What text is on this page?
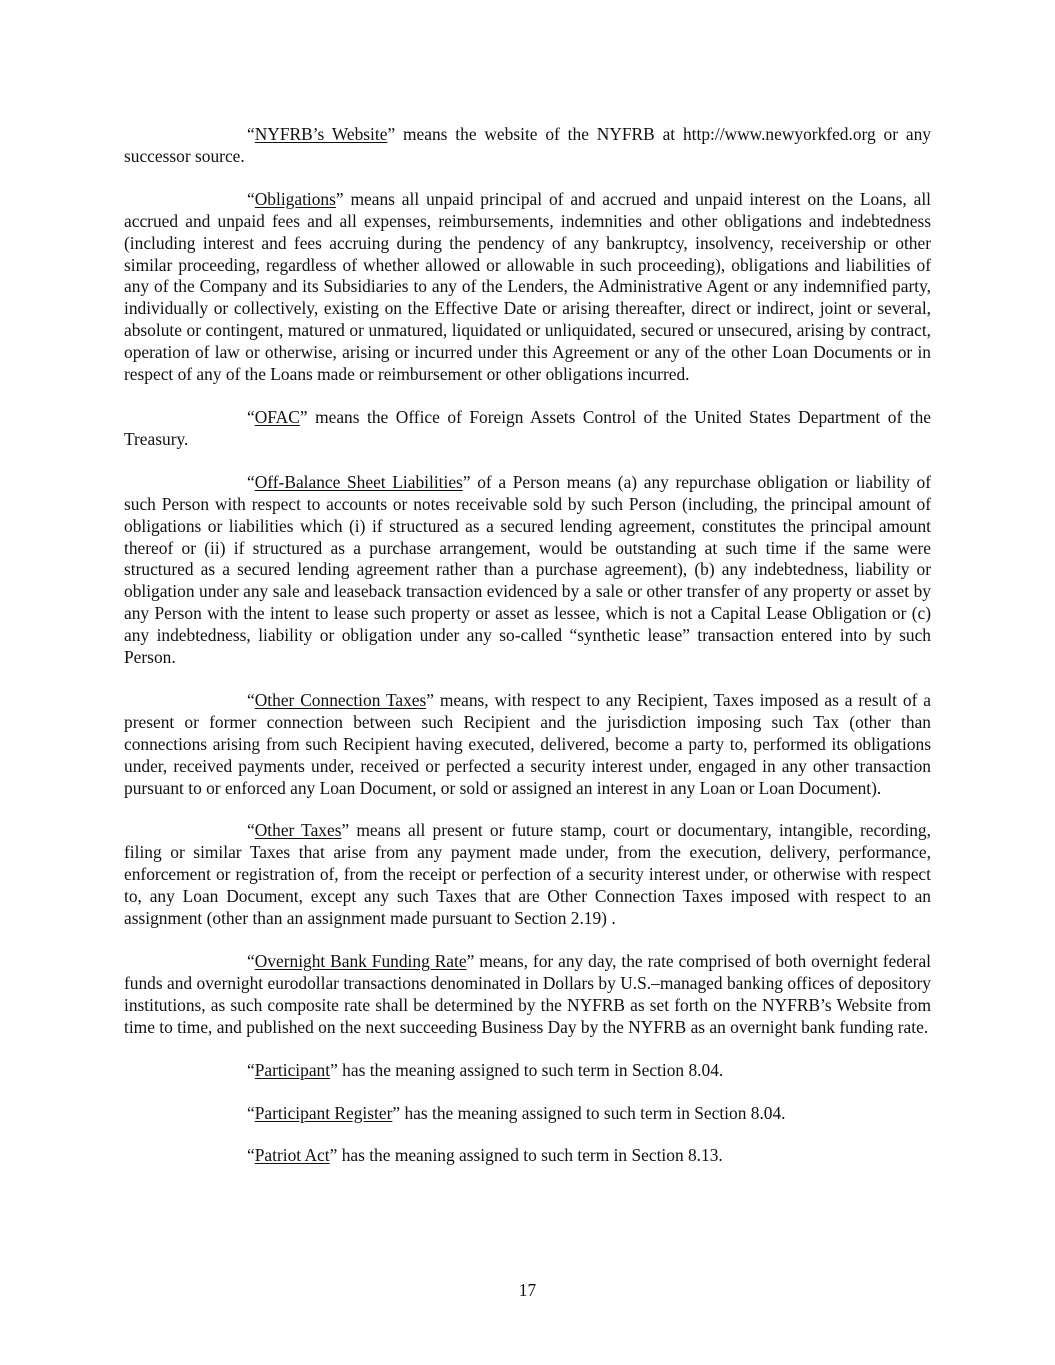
“NYFRB’s Website” means the website of the NYFRB at http://www.newyorkfed.org or any successor source.

“Obligations” means all unpaid principal of and accrued and unpaid interest on the Loans, all accrued and unpaid fees and all expenses, reimbursements, indemnities and other obligations and indebtedness (including interest and fees accruing during the pendency of any bankruptcy, insolvency, receivership or other similar proceeding, regardless of whether allowed or allowable in such proceeding), obligations and liabilities of any of the Company and its Subsidiaries to any of the Lenders, the Administrative Agent or any indemnified party, individually or collectively, existing on the Effective Date or arising thereafter, direct or indirect, joint or several, absolute or contingent, matured or unmatured, liquidated or unliquidated, secured or unsecured, arising by contract, operation of law or otherwise, arising or incurred under this Agreement or any of the other Loan Documents or in respect of any of the Loans made or reimbursement or other obligations incurred.

“OFAC” means the Office of Foreign Assets Control of the United States Department of the Treasury.

“Off-Balance Sheet Liabilities” of a Person means (a) any repurchase obligation or liability of such Person with respect to accounts or notes receivable sold by such Person (including, the principal amount of obligations or liabilities which (i) if structured as a secured lending agreement, constitutes the principal amount thereof or (ii) if structured as a purchase arrangement, would be outstanding at such time if the same were structured as a secured lending agreement rather than a purchase agreement), (b) any indebtedness, liability or obligation under any sale and leaseback transaction evidenced by a sale or other transfer of any property or asset by any Person with the intent to lease such property or asset as lessee, which is not a Capital Lease Obligation or (c) any indebtedness, liability or obligation under any so-called “synthetic lease” transaction entered into by such Person.

“Other Connection Taxes” means, with respect to any Recipient, Taxes imposed as a result of a present or former connection between such Recipient and the jurisdiction imposing such Tax (other than connections arising from such Recipient having executed, delivered, become a party to, performed its obligations under, received payments under, received or perfected a security interest under, engaged in any other transaction pursuant to or enforced any Loan Document, or sold or assigned an interest in any Loan or Loan Document).

“Other Taxes” means all present or future stamp, court or documentary, intangible, recording, filing or similar Taxes that arise from any payment made under, from the execution, delivery, performance, enforcement or registration of, from the receipt or perfection of a security interest under, or otherwise with respect to, any Loan Document, except any such Taxes that are Other Connection Taxes imposed with respect to an assignment (other than an assignment made pursuant to Section 2.19) .

“Overnight Bank Funding Rate” means, for any day, the rate comprised of both overnight federal funds and overnight eurodollar transactions denominated in Dollars by U.S.–managed banking offices of depository institutions, as such composite rate shall be determined by the NYFRB as set forth on the NYFRB’s Website from time to time, and published on the next succeeding Business Day by the NYFRB as an overnight bank funding rate.

“Participant” has the meaning assigned to such term in Section 8.04.

“Participant Register” has the meaning assigned to such term in Section 8.04.

“Patriot Act” has the meaning assigned to such term in Section 8.13.

17
